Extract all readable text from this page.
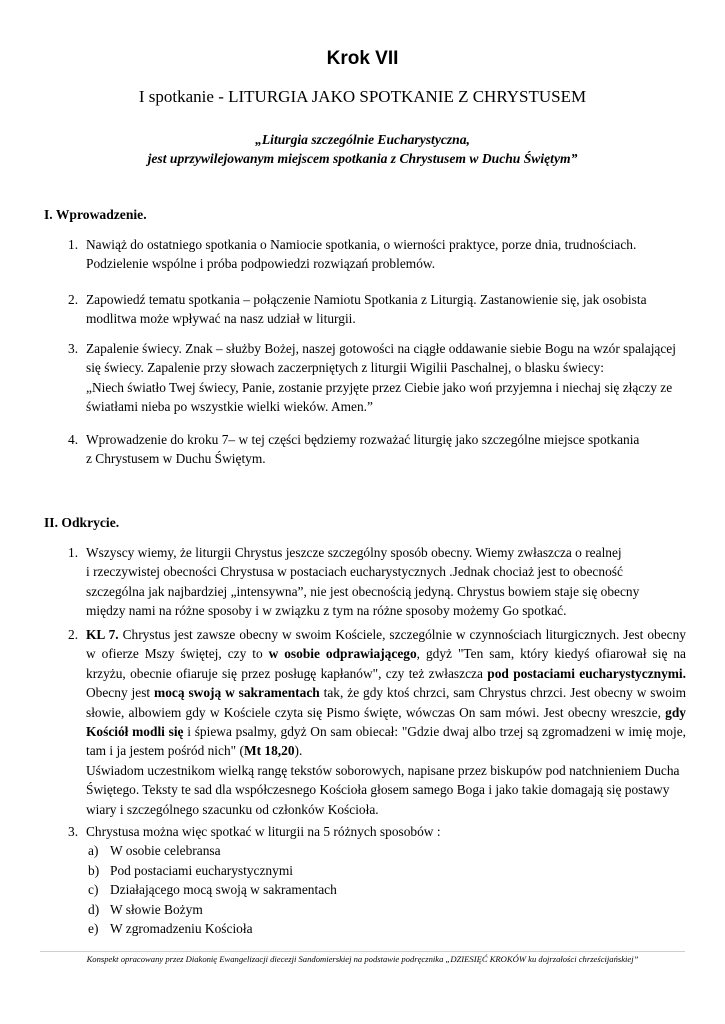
Krok VII
I spotkanie - LITURGIA JAKO SPOTKANIE Z CHRYSTUSEM
„Liturgia szczególnie Eucharystyczna,
jest uprzywilejowanym miejscem spotkania z Chrystusem w Duchu Świętym”
I. Wprowadzenie.
1. Nawiąż do ostatniego spotkania o Namiocie spotkania, o wierności praktyce, porze dnia, trudnościach.
Podzielenie wspólne i próba podpowiedzi rozwiązań problemów.
2. Zapowiedź tematu spotkania – połączenie Namiotu Spotkania z Liturgią. Zastanowienie się, jak osobista
modlitwa może wpływać na nasz udział w liturgii.
3. Zapalenie świecy. Znak – służby Bożej, naszej gotowości na ciągłe oddawanie siebie Bogu na wzór spalającej
się świecy. Zapalenie przy słowach zaczerpniętych z liturgii Wigilii Paschalnej, o blasku świecy:
„Niech światło Twej świecy, Panie, zostanie przyjęte przez Ciebie jako woń przyjemna i niechaj się złączy ze
światłami nieba po wszystkie wielki wieków. Amen.”
4. Wprowadzenie do kroku 7– w tej części będziemy rozważać liturgię jako szczególne miejsce spotkania
z Chrystusem w Duchu Świętym.
II. Odkrycie.
1. Wszyscy wiemy, że liturgii Chrystus jeszcze szczególny sposób obecny. Wiemy zwłaszcza o realnej
i rzeczywistej obecności Chrystusa w postaciach eucharystycznych .Jednak chociaż jest to obecność
szczególna jak najbardziej „intensywna”, nie jest obecnością jedyną. Chrystus bowiem staje się obecny
między nami na różne sposoby i w związku z tym na różne sposoby możemy Go spotkać.
2. KL 7. Chrystus jest zawsze obecny w swoim Kościele, szczególnie w czynnościach liturgicznych. Jest obecny w ofierze Mszy świętej, czy to w osobie odprawiającego, gdyż "Ten sam, który kiedyś ofiarował się na krzyżu, obecnie ofiaruje się przez posługę kapłanów", czy też zwłaszcza pod postaciami eucharystycznymi. Obecny jest mocą swoją w sakramentach tak, że gdy ktoś chrzci, sam Chrystus chrzci. Jest obecny w swoim słowie, albowiem gdy w Kościele czyta się Pismo święte, wówczas On sam mówi. Jest obecny wreszcie, gdy Kościół modli się i śpiewa psalmy, gdyż On sam obiecał: "Gdzie dwaj albo trzej są zgromadzeni w imię moje, tam i ja jestem pośród nich" (Mt 18,20).
Uświadom uczestnikom wielką rangę tekstów soborowych, napisane przez biskupów pod natchnieniem Ducha
Świętego. Teksty te sad dla współczesnego Kościoła głosem samego Boga i jako takie domagają się postawy
wiary i szczególnego szacunku od członków Kościoła.
3. Chrystusa można więc spotkać w liturgii na 5 różnych sposobów :
a) W osobie celebransa
b) Pod postaciami eucharystycznymi
c) Działającego mocą swoją w sakramentach
d) W słowie Bożym
e) W zgromadzeniu Kościoła
Konspekt opracowany przez Diakonię Ewangelizacji diecezji Sandomierskiej na podstawie podręcznika „DZIESIĘĆ KROKÓW ku dojrzałości chrześcijańskiej”
